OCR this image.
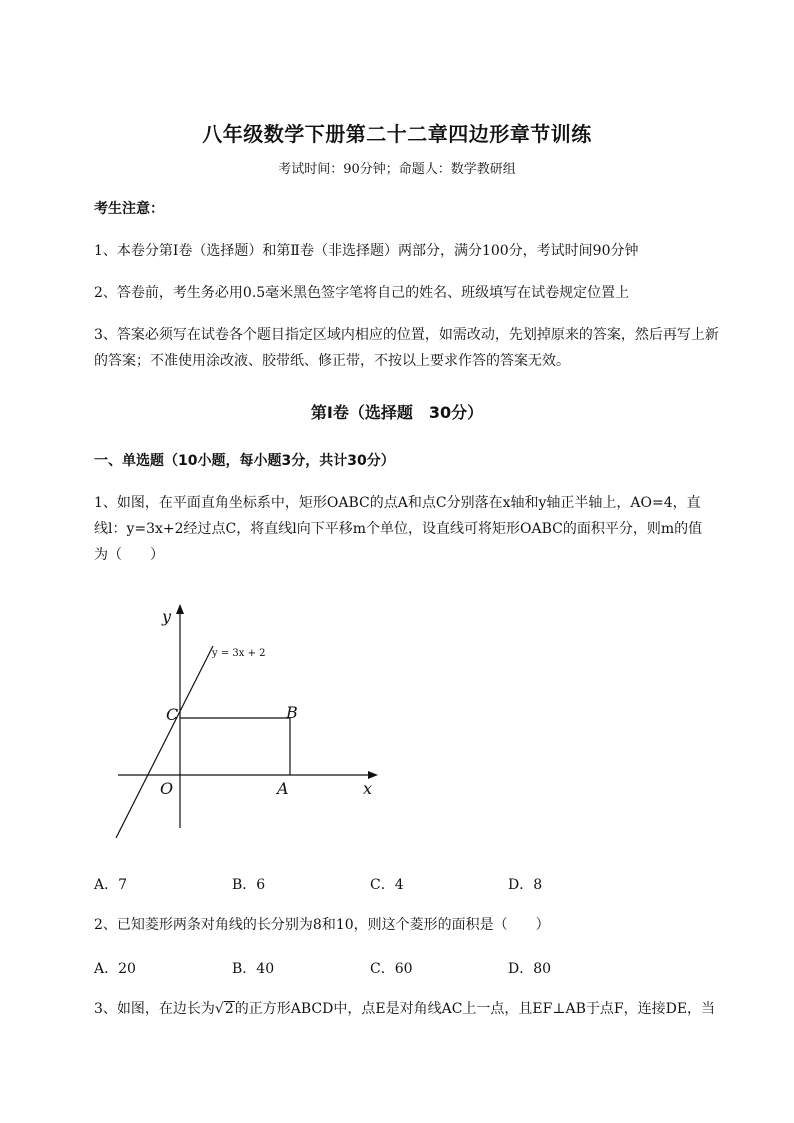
八年级数学下册第二十二章四边形章节训练
考试时间：90分钟；命题人：数学教研组
考生注意：
1、本卷分第Ⅰ卷（选择题）和第Ⅱ卷（非选择题）两部分，满分100分，考试时间90分钟
2、答卷前，考生务必用0.5毫米黑色签字笔将自己的姓名、班级填写在试卷规定位置上
3、答案必须写在试卷各个题目指定区域内相应的位置，如需改动，先划掉原来的答案，然后再写上新
的答案；不准使用涂改液、胶带纸、修正带，不按以上要求作答的答案无效。
第Ⅰ卷（选择题　30分）
一、单选题（10小题，每小题3分，共计30分）
1、如图，在平面直角坐标系中，矩形OABC的点A和点C分别落在x轴和y轴正半轴上，AO=4，直
线l：y=3x+2经过点C，将直线l向下平移m个单位，设直线可将矩形OABC的面积平分，则m的值
为（　　）
y = 3x + 2
y
x
O	A
B
C
A．7	B．6	C．4	D．8
2、已知菱形两条对角线的长分别为8和10，则这个菱形的面积是（　　）
A．20	B．40	C．60	D．80
3、如图，在边长为√2的正方形ABCD中，点E是对角线AC上一点，且EF⊥AB于点F，连接DE，当
